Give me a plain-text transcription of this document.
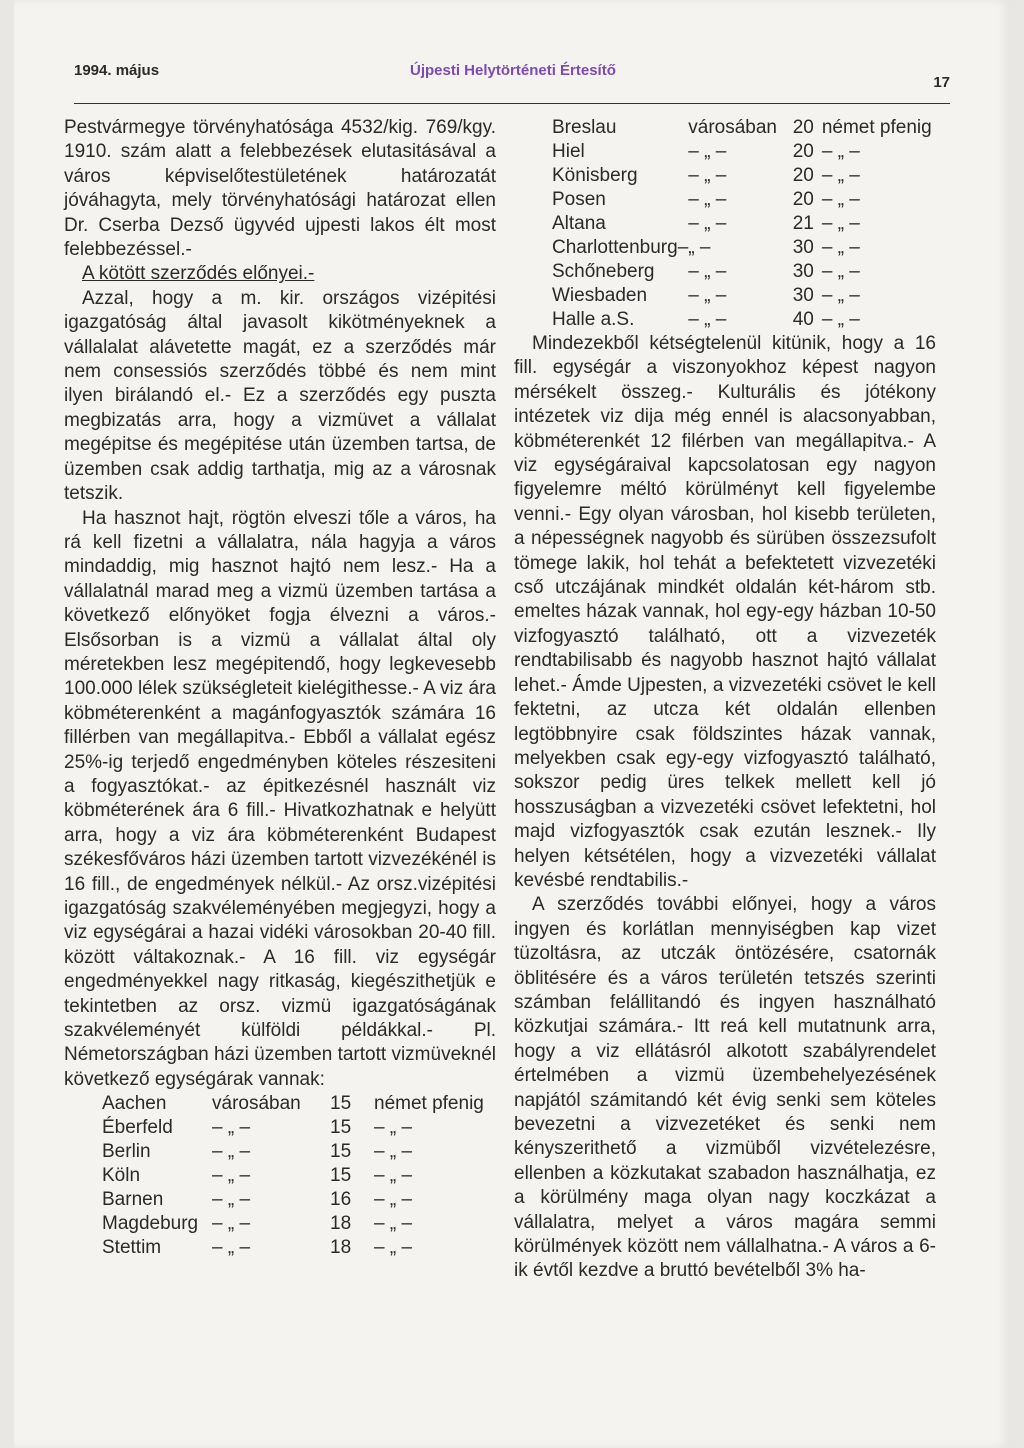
1994. május	Újpesti Helytörténeti Értesítő
17

Pestvármegye törvényhatósága 4532/kig. 769/kgy. 1910. szám alatt a felebbezések elutasitásával a város képviselőtestületének határozatát jóváhagyta, mely törvényhatósági határozat ellen Dr. Cserba Dezső ügyvéd ujpesti lakos élt most felebbezéssel.-

A kötött szerződés előnyei.-

Azzal, hogy a m. kir. országos vizépitési igazgatóság által javasolt kikötményeknek a vállalalat alávetette magát, ez a szerződés már nem consessiós szerződés többé és nem mint ilyen birálandó el.- Ez a szerződés egy puszta megbizatás arra, hogy a vizmüvet a vállalat megépitse és megépitése után üzemben tartsa, de üzemben csak addig tarthatja, mig az a városnak tetszik.

Ha hasznot hajt, rögtön elveszi tőle a város, ha rá kell fizetni a vállalatra, nála hagyja a város mindaddig, mig hasznot hajtó nem lesz.- Ha a vállalatnál marad meg a vizmü üzemben tartása a következő előnyöket fogja élvezni a város.- Elsősorban is a vizmü a vállalat által oly méretekben lesz megépitendő, hogy legkevesebb 100.000 lélek szükségleteit kielégithesse.- A viz ára köbméterenként a magánfogyasztók számára 16 fillérben van megállapitva.- Ebből a vállalat egész 25%-ig terjedő engedményben köteles részesiteni a fogyasztókat.- az épitkezésnél használt viz köbméterének ára 6 fill.- Hivatkozhatnak e helyütt arra, hogy a viz ára köbméterenként Budapest székesfőváros házi üzemben tartott vizvezékénél is 16 fill., de engedmények nélkül.- Az orsz.vizépitési igazgatóság szakvéleményében megjegyzi, hogy a viz egységárai a hazai vidéki városokban 20-40 fill. között váltakoznak.- A 16 fill. viz egységár engedményekkel nagy ritkaság, kiegészithetjük e tekintetben az orsz. vizmü igazgatóságának szakvéleményét külföldi példákkal.- Pl. Németországban házi üzemben tartott vizmüveknél következő egységárak vannak:

Aachen	városában	15	német pfenig
Éberfeld	– „ –	15	– „ –
Berlin	– „ –	15	– „ –
Köln	– „ –	15	– „ –
Barnen	– „ –	16	– „ –
Magdeburg	– „ –	18	– „ –
Stettim	– „ –	18	– „ –
Breslau	városában	20	német pfenig
Hiel	– „ –	20	– „ –
Könisberg	– „ –	20	– „ –
Posen	– „ –	20	– „ –
Altana	– „ –	21	– „ –
Charlottenburg–	„ –	30	– „ –
Schőneberg	– „ –	30	– „ –
Wiesbaden	– „ –	30	– „ –
Halle a.S.	– „ –	40	– „ –

Mindezekből kétségtelenül kitünik, hogy a 16 fill. egységár a viszonyokhoz képest nagyon mérsékelt összeg.- Kulturális és jótékony intézetek viz dija még ennél is alacsonyabban, köbméterenkét 12 filérben van megállapitva.- A viz egységáraival kapcsolatosan egy nagyon figyelemre méltó körülményt kell figyelembe venni.- Egy olyan városban, hol kisebb területen, a népességnek nagyobb és sürüben összezsufolt tömege lakik, hol tehát a befektetett vizvezetéki cső utczájának mindkét oldalán két-három stb. emeltes házak vannak, hol egy-egy házban 10-50 vizfogyasztó található, ott a vizvezeték rendtabilisabb és nagyobb hasznot hajtó vállalat lehet.- Ámde Ujpesten, a vizvezetéki csövet le kell fektetni, az utcza két oldalán ellenben legtöbbnyire csak földszintes házak vannak, melyekben csak egy-egy vizfogyasztó található, sokszor pedig üres telkek mellett kell jó hosszuságban a vizvezetéki csövet lefektetni, hol majd vizfogyasztók csak ezután lesznek.- Ily helyen kétsétélen, hogy a vizvezetéki vállalat kevésbé rendtabilis.-

A szerződés további előnyei, hogy a város ingyen és korlátlan mennyiségben kap vizet tüzoltásra, az utczák öntözésére, csatornák öblitésére és a város területén tetszés szerinti számban felállitandó és ingyen használható közkutjai számára.- Itt reá kell mutatnunk arra, hogy a viz ellátásról alkotott szabályrendelet értelmében a vizmü üzembehelyezésének napjától számitandó két évig senki sem köteles bevezetni a vizvezetéket és senki nem kényszerithető a vizmüből vizvételezésre, ellenben a közkutakat szabadon használhatja, ez a körülmény maga olyan nagy koczkázat a vállalatra, melyet a város magára semmi körülmények között nem vállalhatna.- A város a 6-ik évtől kezdve a bruttó bevételből 3% ha-
